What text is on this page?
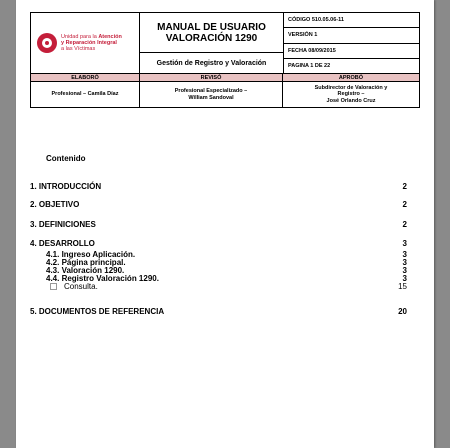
Unidad para la Atención
y Reparación Integral
a las Víctimas
MANUAL DE USUARIO
VALORACIÓN 1290
Gestión de Registro y Valoración
CÓDIGO 510.05.06-11
VERSIÓN 1
FECHA 08/09/2015
PAGINA 1 DE 22
ELABORÓ	REVISÓ	APROBÓ
Profesional – Camila Díaz
Profesional Especializado –
William Sandoval
Subdirector de Valoración y
Registro –
José Orlando Cruz
Contenido
1. INTRODUCCIÓN	2
2. OBJETIVO	2
3. DEFINICIONES	2
4. DESARROLLO	3
4.1. Ingreso Aplicación.	3
4.2. Página principal.	3
4.3. Valoración 1290.	3
4.4. Registro Valoración 1290.	3
Consulta.	15
5. DOCUMENTOS DE REFERENCIA	20
